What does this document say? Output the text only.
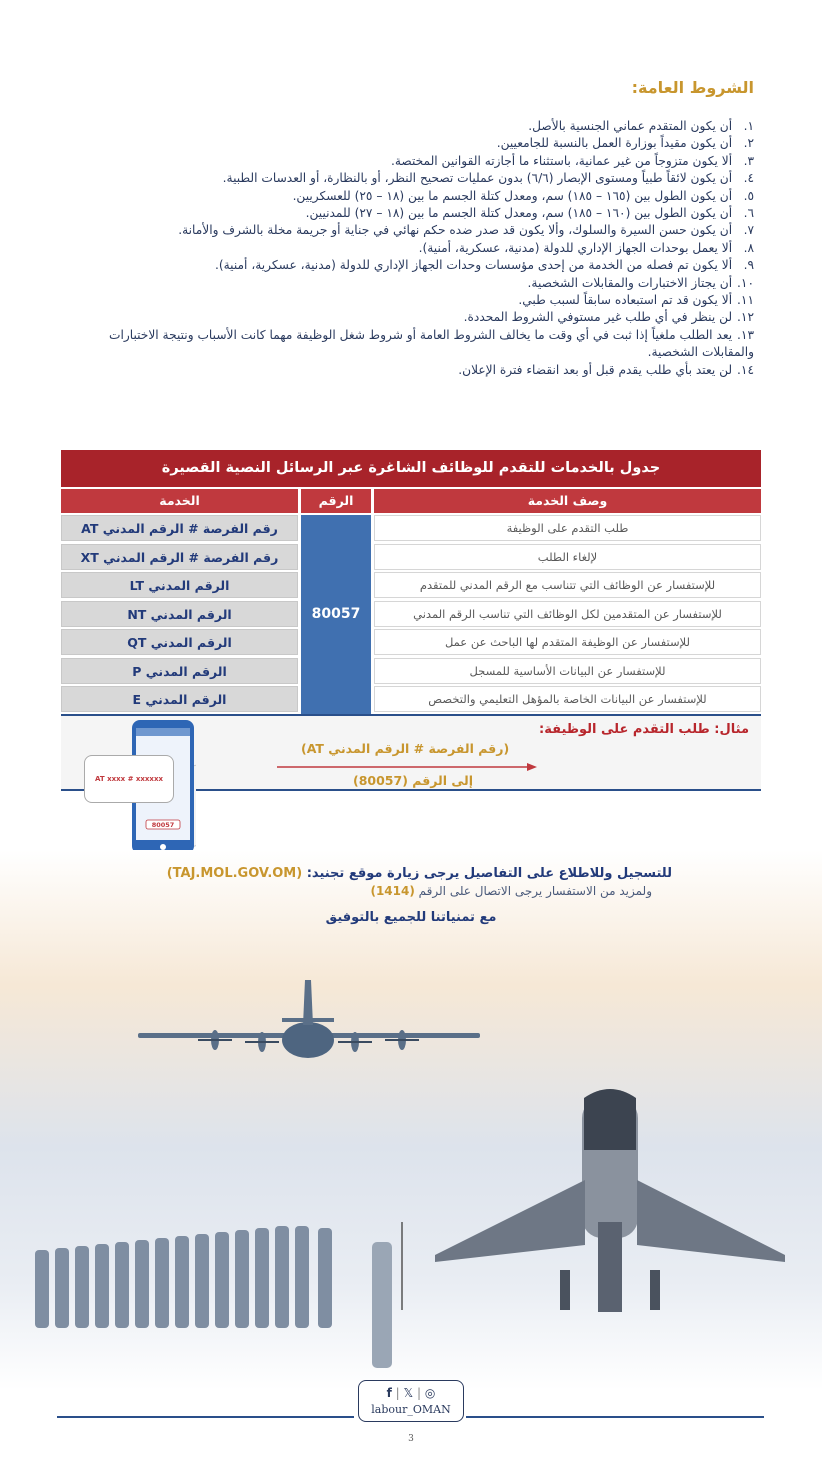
الشروط العامة:
١. أن يكون المتقدم عماني الجنسية بالأصل.
٢. أن يكون مقيداً بوزارة العمل بالنسبة للجامعيين.
٣. ألا يكون متزوجاً من غير عمانية، باستثناء ما أجازته القوانين المختصة.
٤. أن يكون لائقاً طبياً ومستوى الإبصار (٦/٦) بدون عمليات تصحيح النظر، أو بالنظارة، أو العدسات الطبية.
٥. أن يكون الطول بين (١٦٥ – ١٨٥) سم، ومعدل كتلة الجسم ما بين (١٨ – ٢٥) للعسكريين.
٦. أن يكون الطول بين (١٦٠ – ١٨٥) سم، ومعدل كتلة الجسم ما بين (١٨ – ٢٧) للمدنيين.
٧. أن يكون حسن السيرة والسلوك، وألا يكون قد صدر ضده حكم نهائي في جناية أو جريمة مخلة بالشرف والأمانة.
٨. ألا يعمل بوحدات الجهاز الإداري للدولة (مدنية، عسكرية، أمنية).
٩. ألا يكون تم فصله من الخدمة من إحدى مؤسسات وحدات الجهاز الإداري للدولة (مدنية، عسكرية، أمنية).
١٠. أن يجتاز الاختبارات والمقابلات الشخصية.
١١. ألا يكون قد تم استبعاده سابقاً لسبب طبي.
١٢. لن ينظر في أي طلب غير مستوفي الشروط المحددة.
١٣. يعد الطلب ملغياً إذا ثبت في أي وقت ما يخالف الشروط العامة أو شروط شغل الوظيفة مهما كانت الأسباب ونتيجة الاختبارات والمقابلات الشخصية.
١٤. لن يعتد بأي طلب يقدم قبل أو بعد انقضاء فترة الإعلان.
جدول بالخدمات للتقدم للوظائف الشاغرة عبر الرسائل النصية القصيرة
الخدمة	الرقم	وصف الخدمة
رقم الفرصة # الرقم المدني AT	طلب التقدم على الوظيفة
رقم الفرصة # الرقم المدني XT	لإلغاء الطلب
الرقم المدني LT	للإستفسار عن الوظائف التي تتناسب مع الرقم المدني للمتقدم
الرقم المدني NT	للإستفسار عن المتقدمين لكل الوظائف التي تناسب الرقم المدني
الرقم المدني QT	للإستفسار عن الوظيفة المتقدم لها الباحث عن عمل
الرقم المدني P	للإستفسار عن البيانات الأساسية للمسجل
الرقم المدني E	للإستفسار عن البيانات الخاصة بالمؤهل التعليمي والتخصص
80057
مثال: طلب التقدم على الوظيفة:
(رقم الفرصة # الرقم المدني AT)
إلى الرقم (80057)
80057
AT xxxx # xxxxxx
للتسجيل وللاطلاع على التفاصيل يرجى زيارة موقع تجنيد: (TAJ.MOL.GOV.OM)
ولمزيد من الاستفسار يرجى الاتصال على الرقم (1414)
مع تمنياتنا للجميع بالتوفيق
f | 𝕏 | ◎
labour_OMAN
3
